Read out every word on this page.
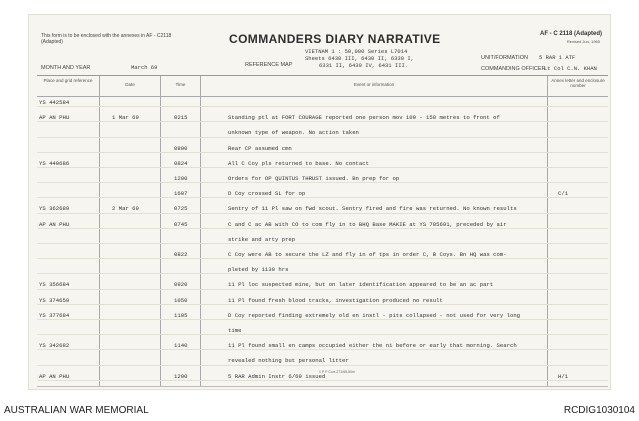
This form is to be enclosed with the annexes in AF - C2118 (Adapted)	COMMANDERS DIARY NARRATIVE	AF - C 2118 (Adapted)
Revised Jun, 1965
VIETNAM 1 : 50,000 Series L7014
Sheets 6430 III, 6430 II, 6330 I,
6331 II, 6430 IV, 6431 III.
REFERENCE MAP
UNIT/FORMATION 5 RAR 1 ATF
COMMANDING OFFICER
Lt Col C.N. KHAN
MONTH AND YEAR	March 69
Place and grid reference
Date	Time	Event or information
Annex letter and enclosure number
YS 442584
AP AN PHU	1 Mar 69	0215	Standing ptl at FORT COURAGE reported one person mov 100 - 150 metres to front of
unknown type of weapon. No action taken
0800	Rear CP assumed cmn
YS 440686	0824	All C Coy pls returned to base. No contact
1200	Orders for OP QUINTUS THRUST issued. Bn prep for op
1607	D Coy crossed SL for op	C/1
YS 362689	2 Mar 69	0725	Sentry of 11 Pl saw on fwd scout. Sentry fired and fire was returned. No known results
AP AN PHU	0745	C and C ac AB with CO to com fly in to BHQ Base MAKIE at YS 785691, preceded by air
strike and arty prep
0822	C Coy were AB to secure the LZ and fly in of tps in order C, B Coys. Bn HQ was com-
pleted by 1130 hrs
YS 356684	0920	11 Pl loc suspected mine, but on later identification appeared to be an ac part
YS 374659	1050	11 Pl found fresh blood tracks, investigation produced no result
YS 377684	1105	D Coy reported finding extremely old en instl - pits collapsed - not used for very long
time
YS 342682	1140	11 Pl found small en camps occupied either the ni before or early that morning. Search
revealed nothing but personal litter
AP AN PHU	1200	5 RAR Admin Instr 6/69 issued	H/1
1 P P Corr-271/65-50m
AUSTRALIAN WAR MEMORIAL	RCDIG1030104
